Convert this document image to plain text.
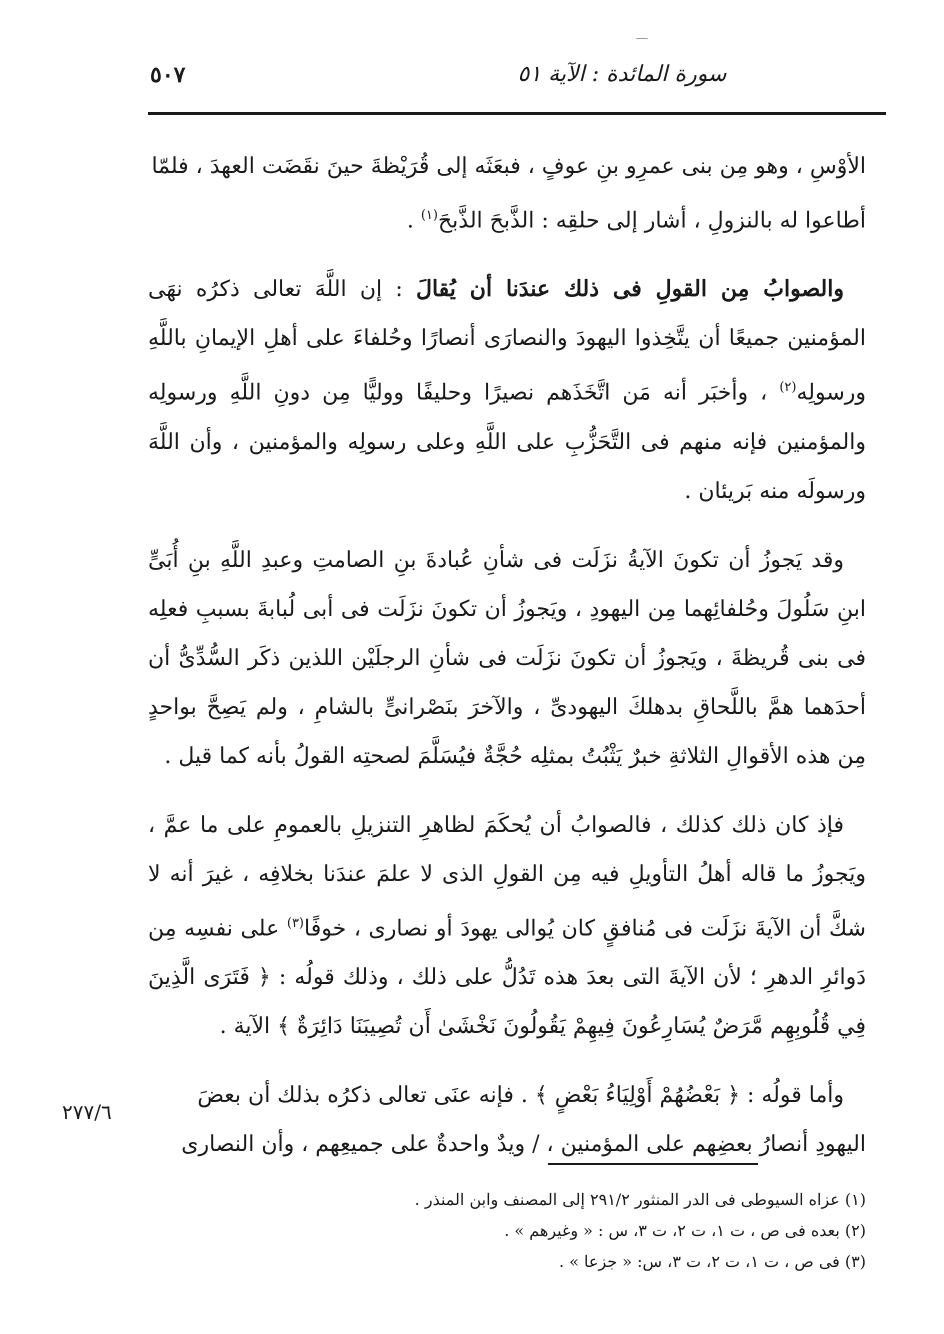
سورة المائدة : الآية ٥١
٥٠٧

الأوْسِ ، وهو مِن بنى عمرِو بنِ عوفٍ ، فبعَثَه إلى قُرَيْظةَ حينَ نقَضَت العهدَ ، فلمّا
أطاعوا له بالنزولِ ، أشار إلى حلقِه : الذَّبحَ الذَّبحَ$^{(١)}$ .

والصوابُ مِن القولِ فى ذلك عندَنا أن يُقالَ : إن اللَّهَ تعالى ذكرُه نهَى المؤمنين جميعًا أن يتَّخِذوا اليهودَ والنصارَى أنصارًا وحُلفاءَ على أهلِ الإيمانِ باللَّهِ ورسولِه$^{(٢)}$ ، وأخبَر أنه مَن اتَّخَذَهم نصيرًا وحليفًا ووليًّا مِن دونِ اللَّهِ ورسولِه والمؤمنين فإنه منهم فى التَّحَزُّبِ على اللَّهِ وعلى رسولِه والمؤمنين ، وأن اللَّهَ ورسولَه منه بَريئان .

وقد يَجوزُ أن تكونَ الآيةُ نزَلَت فى شأنِ عُبادةَ بنِ الصامتِ وعبدِ اللَّهِ بنِ أُبَىٍّ ابنِ سَلُولَ وحُلفائِهما مِن اليهودِ ، ويَجوزُ أن تكونَ نزَلَت فى أبى لُبابةَ بسببِ فعلِه فى بنى قُريظةَ ، ويَجوزُ أن تكونَ نزَلَت فى شأنِ الرجلَيْن اللذين ذكَر السُّدِّىُّ أن أحدَهما همَّ باللَّحاقِ بدهلكَ اليهودىِّ ، والآخرَ بنَصْرانىٍّ بالشامِ ، ولم يَصِحَّ بواحدٍ مِن هذه الأقوالِ الثلاثةِ خبرٌ يَثْبُتُ بمثلِه حُجَّةٌ فيُسَلَّمَ لصحتِه القولُ بأنه كما قيل .

فإذ كان ذلك كذلك ، فالصوابُ أن يُحكَمَ لظاهرِ التنزيلِ بالعمومِ على ما عمَّ ، ويَجوزُ ما قاله أهلُ التأويلِ فيه مِن القولِ الذى لا علمَ عندَنا بخلافِه ، غيرَ أنه لا شكَّ أن الآيةَ نزَلَت فى مُنافقٍ كان يُوالى يهودَ أو نصارى ، خوفًا$^{(٣)}$ على نفسِه مِن دَوائرِ الدهرِ ؛ لأن الآيةَ التى بعدَ هذه تَدُلُّ على ذلك ، وذلك قولُه : ﴿ فَتَرَى الَّذِينَ فِي قُلُوبِهِم مَّرَضٌ يُسَارِعُونَ فِيهِمْ يَقُولُونَ نَخْشَىٰ أَن تُصِيبَنَا دَائِرَةٌ ﴾ الآية .

وأما قولُه : ﴿ بَعْضُهُمْ أَوْلِيَاءُ بَعْضٍ ﴾ . فإنه عنَى تعالى ذكرُه بذلك أن بعضَ
اليهودِ أنصارُ بعضِهم على المؤمنين ، / ويدٌ واحدةٌ على جميعِهم ، وأن النصارى

٢٧٧/٦
(١) عزاه السيوطى فى الدر المنثور ٢٩١/٢ إلى المصنف وابن المنذر .
(٢) بعده فى ص ، ت ١، ت ٢، ت ٣، س : « وغيرهم » .
(٣) فى ص ، ت ١، ت ٢، ت ٣، س: « جزعا » .
